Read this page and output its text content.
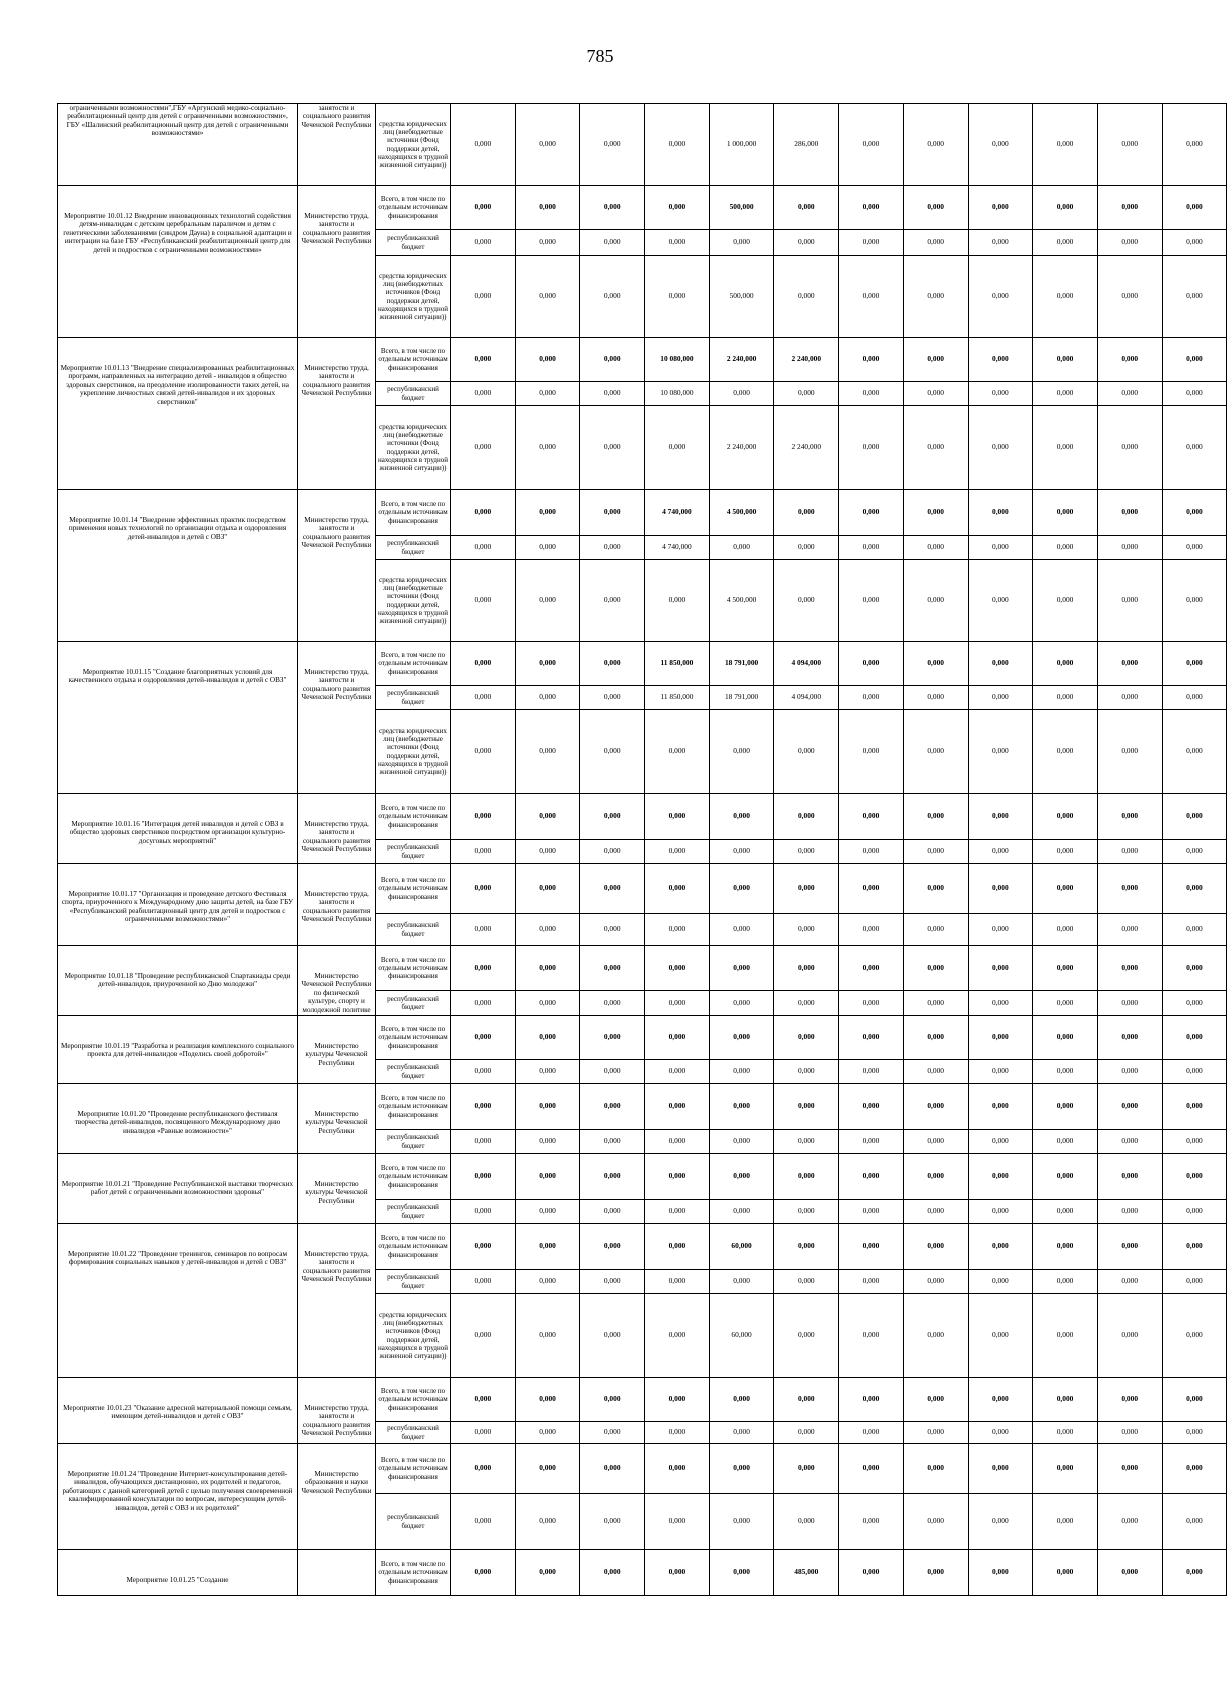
785
ограниченными возможностями",ГБУ «Аргунский медико-социально-реабилитационный центр для детей с ограниченными возможностями», ГБУ «Шалинский реабилитационный центр для детей с ограниченными возможностями»	занятости и социального развития Чеченской Республики	средства юридических лиц (внебюджетные источники (Фонд поддержки детей, находящихся в трудной жизненной ситуации))	0,000	0,000	0,000	0,000	1 000,000	286,000	0,000	0,000	0,000	0,000	0,000	0,000
Мероприятие 10.01.12 Внедрение инновационных технологий содействия детям-инвалидам с детским церебральным параличом и детям с генетическими заболеваниями (синдром Дауна) в социальной адаптации и интеграции на базе ГБУ «Республиканский реабилитационный центр для детей и подростков с ограниченными возможностями»	Министерство труда, занятости и социального развития Чеченской Республики	Всего, в том числе по отдельным источникам финансирования	0,000	0,000	0,000	0,000	500,000	0,000	0,000	0,000	0,000	0,000	0,000	0,000
		республиканский бюджет	0,000	0,000	0,000	0,000	0,000	0,000	0,000	0,000	0,000	0,000	0,000	0,000
		средства юридических лиц (внебюджетных источников (Фонд поддержки детей, находящихся в трудной жизненной ситуации))	0,000	0,000	0,000	0,000	500,000	0,000	0,000	0,000	0,000	0,000	0,000	0,000
Мероприятие 10.01.13 "Внедрение специализированных реабилитационных программ, направленных на интеграцию детей - инвалидов в общество здоровых сверстников, на преодоление изолированности таких детей, на укрепление личностных связей детей-инвалидов и их здоровых сверстников"	Министерство труда, занятости и социального развития Чеченской Республики	Всего, в том числе по отдельным источникам финансирования	0,000	0,000	0,000	10 080,000	2 240,000	2 240,000	0,000	0,000	0,000	0,000	0,000	0,000
		республиканский бюджет	0,000	0,000	0,000	10 080,000	0,000	0,000	0,000	0,000	0,000	0,000	0,000	0,000
		средства юридических лиц (внебюджетные источники (Фонд поддержки детей, находящихся в трудной жизненной ситуации))	0,000	0,000	0,000	0,000	2 240,000	2 240,000	0,000	0,000	0,000	0,000	0,000	0,000
Мероприятие 10.01.14 "Внедрение эффективных практик посредством применения новых технологий по организации отдыха и оздоровления детей-инвалидов и детей с ОВЗ"	Министерство труда, занятости и социального развития Чеченской Республики	Всего, в том числе по отдельным источникам финансирования	0,000	0,000	0,000	4 740,000	4 500,000	0,000	0,000	0,000	0,000	0,000	0,000	0,000
		республиканский бюджет	0,000	0,000	0,000	4 740,000	0,000	0,000	0,000	0,000	0,000	0,000	0,000	0,000
		средства юридических лиц (внебюджетные источники (Фонд поддержки детей, находящихся в трудной жизненной ситуации))	0,000	0,000	0,000	0,000	4 500,000	0,000	0,000	0,000	0,000	0,000	0,000	0,000
Мероприятие 10.01.15 "Создание благоприятных условий для качественного отдыха и оздоровления детей-инвалидов и детей с ОВЗ"	Министерство труда, занятости и социального развития Чеченской Республики	Всего, в том числе по отдельным источникам финансирования	0,000	0,000	0,000	11 850,000	18 791,000	4 094,000	0,000	0,000	0,000	0,000	0,000	0,000
		республиканский бюджет	0,000	0,000	0,000	11 850,000	18 791,000	4 094,000	0,000	0,000	0,000	0,000	0,000	0,000
		средства юридических лиц (внебюджетные источники (Фонд поддержки детей, находящихся в трудной жизненной ситуации))	0,000	0,000	0,000	0,000	0,000	0,000	0,000	0,000	0,000	0,000	0,000	0,000
Мероприятие 10.01.16 "Интеграция детей инвалидов и детей с ОВЗ в общество здоровых сверстников посредством организации культурно-досуговых мероприятий"	Министерство труда, занятости и социального развития Чеченской Республики	Всего, в том числе по отдельным источникам финансирования	0,000	0,000	0,000	0,000	0,000	0,000	0,000	0,000	0,000	0,000	0,000	0,000
		республиканский бюджет	0,000	0,000	0,000	0,000	0,000	0,000	0,000	0,000	0,000	0,000	0,000	0,000
Мероприятие 10.01.17 "Организация и проведение детского Фестиваля спорта, приуроченного к Международному дню защиты детей, на базе ГБУ «Республиканский реабилитационный центр для детей и подростков с ограниченными возможностями»"	Министерство труда, занятости и социального развития Чеченской Республики	Всего, в том числе по отдельным источникам финансирования	0,000	0,000	0,000	0,000	0,000	0,000	0,000	0,000	0,000	0,000	0,000	0,000
		республиканский бюджет	0,000	0,000	0,000	0,000	0,000	0,000	0,000	0,000	0,000	0,000	0,000	0,000
Мероприятие 10.01.18 "Проведение республиканской Спартакиады среди детей-инвалидов, приуроченной ко Дню молодежи"	Министерство Чеченской Республики по физической культуре, спорту и молодежной политике	Всего, в том числе по отдельным источникам финансирования	0,000	0,000	0,000	0,000	0,000	0,000	0,000	0,000	0,000	0,000	0,000	0,000
		республиканский бюджет	0,000	0,000	0,000	0,000	0,000	0,000	0,000	0,000	0,000	0,000	0,000	0,000
Мероприятие 10.01.19 "Разработка и реализация комплексного социального проекта для детей-инвалидов «Поделись своей добротой»"	Министерство культуры Чеченской Республики	Всего, в том числе по отдельным источникам финансирования	0,000	0,000	0,000	0,000	0,000	0,000	0,000	0,000	0,000	0,000	0,000	0,000
		республиканский бюджет	0,000	0,000	0,000	0,000	0,000	0,000	0,000	0,000	0,000	0,000	0,000	0,000
Мероприятие 10.01.20 "Проведение республиканского фестиваля творчества детей-инвалидов, посвященного Международному дню инвалидов «Равные возможности»"	Министерство культуры Чеченской Республики	Всего, в том числе по отдельным источникам финансирования	0,000	0,000	0,000	0,000	0,000	0,000	0,000	0,000	0,000	0,000	0,000	0,000
		республиканский бюджет	0,000	0,000	0,000	0,000	0,000	0,000	0,000	0,000	0,000	0,000	0,000	0,000
Мероприятие 10.01.21 "Проведение Республиканской выставки творческих работ детей с ограниченными возможностями здоровья"	Министерство культуры Чеченской Республики	Всего, в том числе по отдельным источникам финансирования	0,000	0,000	0,000	0,000	0,000	0,000	0,000	0,000	0,000	0,000	0,000	0,000
		республиканский бюджет	0,000	0,000	0,000	0,000	0,000	0,000	0,000	0,000	0,000	0,000	0,000	0,000
Мероприятие 10.01.22 "Проведение тренингов, семинаров по вопросам формирования социальных навыков у детей-инвалидов и детей с ОВЗ"	Министерство труда, занятости и социального развития Чеченской Республики	Всего, в том числе по отдельным источникам финансирования	0,000	0,000	0,000	0,000	60,000	0,000	0,000	0,000	0,000	0,000	0,000	0,000
		республиканский бюджет	0,000	0,000	0,000	0,000	0,000	0,000	0,000	0,000	0,000	0,000	0,000	0,000
		средства юридических лиц (внебюджетных источников (Фонд поддержки детей, находящихся в трудной жизненной ситуации))	0,000	0,000	0,000	0,000	60,000	0,000	0,000	0,000	0,000	0,000	0,000	0,000
Мероприятие 10.01.23 "Оказание адресной материальной помощи семьям, имеющим детей-инвалидов и детей с ОВЗ"	Министерство труда, занятости и социального развития Чеченской Республики	Всего, в том числе по отдельным источникам финансирования	0,000	0,000	0,000	0,000	0,000	0,000	0,000	0,000	0,000	0,000	0,000	0,000
		республиканский бюджет	0,000	0,000	0,000	0,000	0,000	0,000	0,000	0,000	0,000	0,000	0,000	0,000
Мероприятие 10.01.24 "Проведение Интернет-консультирования детей-инвалидов, обучающихся дистанционно, их родителей и педагогов, работающих с данной категорией детей с целью получения своевременной квалифицированной консультации по вопросам, интересующим детей-инвалидов, детей с ОВЗ и их родителей"	Министерство образования и науки Чеченской Республики	Всего, в том числе по отдельным источникам финансирования	0,000	0,000	0,000	0,000	0,000	0,000	0,000	0,000	0,000	0,000	0,000	0,000
		республиканский бюджет	0,000	0,000	0,000	0,000	0,000	0,000	0,000	0,000	0,000	0,000	0,000	0,000
Мероприятие 10.01.25 "Создание		Всего, в том числе по отдельным источникам финансирования	0,000	0,000	0,000	0,000	0,000	485,000	0,000	0,000	0,000	0,000	0,000	0,000
